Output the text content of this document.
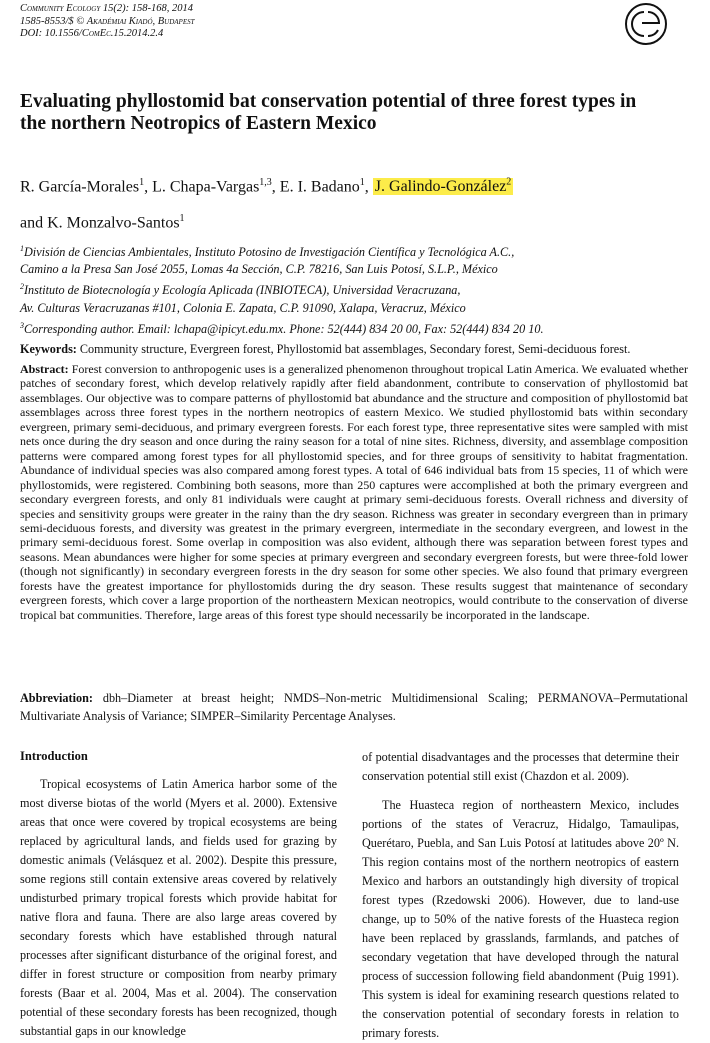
Community Ecology 15(2): 158-168, 2014
1585-8553/$ © Akadémiai Kiadó, Budapest
DOI: 10.1556/ComEc.15.2014.2.4
Evaluating phyllostomid bat conservation potential of three forest types in the northern Neotropics of Eastern Mexico
R. García-Morales$^1$, L. Chapa-Vargas$^{1,3}$, E. I. Badano$^1$, J. Galindo-González$^2$
and K. Monzalvo-Santos$^1$
$^1$División de Ciencias Ambientales, Instituto Potosino de Investigación Científica y Tecnológica A.C.,
Camino a la Presa San José 2055, Lomas 4a Sección, C.P. 78216, San Luis Potosí, S.L.P., México
$^2$Instituto de Biotecnología y Ecología Aplicada (INBIOTECA), Universidad Veracruzana,
Av. Culturas Veracruzanas #101, Colonia E. Zapata, C.P. 91090, Xalapa, Veracruz, México
$^3$Corresponding author. Email: lchapa@ipicyt.edu.mx. Phone: 52(444) 834 20 00, Fax: 52(444) 834 20 10.
Keywords: Community structure, Evergreen forest, Phyllostomid bat assemblages, Secondary forest, Semi-deciduous forest.
Abstract: Forest conversion to anthropogenic uses is a generalized phenomenon throughout tropical Latin America. We evaluated whether patches of secondary forest, which develop relatively rapidly after field abandonment, contribute to conservation of phyllostomid bat assemblages. Our objective was to compare patterns of phyllostomid bat abundance and the structure and composition of phyllostomid bat assemblages across three forest types in the northern neotropics of eastern Mexico. We studied phyllostomid bats within secondary evergreen, primary semi-deciduous, and primary evergreen forests. For each forest type, three representative sites were sampled with mist nets once during the dry season and once during the rainy season for a total of nine sites. Richness, diversity, and assemblage composition patterns were compared among forest types for all phyllostomid species, and for three groups of sensitivity to habitat fragmentation. Abundance of individual species was also compared among forest types. A total of 646 individual bats from 15 species, 11 of which were phyllostomids, were registered. Combining both seasons, more than 250 captures were accomplished at both the primary evergreen and secondary evergreen forests, and only 81 individuals were caught at primary semi-deciduous forests. Overall richness and diversity of species and sensitivity groups were greater in the rainy than the dry season. Richness was greater in secondary evergreen than in primary semi-deciduous forests, and diversity was greatest in the primary evergreen, intermediate in the secondary evergreen, and lowest in the primary semi-deciduous forest. Some overlap in composition was also evident, although there was separation between forest types and seasons. Mean abundances were higher for some species at primary evergreen and secondary evergreen forests, but were three-fold lower (though not significantly) in secondary evergreen forests in the dry season for some other species. We also found that primary evergreen forests have the greatest importance for phyllostomids during the dry season. These results suggest that maintenance of secondary evergreen forests, which cover a large proportion of the northeastern Mexican neotropics, would contribute to the conservation of diverse tropical bat communities. Therefore, large areas of this forest type should necessarily be incorporated in the landscape.
Abbreviation: dbh–Diameter at breast height; NMDS–Non-metric Multidimensional Scaling; PERMANOVA–Permutational Multivariate Analysis of Variance; SIMPER–Similarity Percentage Analyses.
Introduction

Tropical ecosystems of Latin America harbor some of the most diverse biotas of the world (Myers et al. 2000). Extensive areas that once were covered by tropical ecosystems are being replaced by agricultural lands, and fields used for grazing by domestic animals (Velásquez et al. 2002). Despite this pressure, some regions still contain extensive areas covered by relatively undisturbed primary tropical forests which provide habitat for native flora and fauna. There are also large areas covered by secondary forests which have established through natural processes after significant disturbance of the original forest, and differ in forest structure or composition from nearby primary forests (Baar et al. 2004, Mas et al. 2004). The conservation potential of these secondary forests has been recognized, though substantial gaps in our knowledge

of potential disadvantages and the processes that determine their conservation potential still exist (Chazdon et al. 2009).

The Huasteca region of northeastern Mexico, includes portions of the states of Veracruz, Hidalgo, Tamaulipas, Querétaro, Puebla, and San Luis Potosí at latitudes above 20º N. This region contains most of the northern neotropics of eastern Mexico and harbors an outstandingly high diversity of tropical forest types (Rzedowski 2006). However, due to land-use change, up to 50% of the native forests of the Huasteca region have been replaced by grasslands, farmlands, and patches of secondary vegetation that have developed through the natural process of succession following field abandonment (Puig 1991). This system is ideal for examining research questions related to the conservation potential of secondary forests in relation to primary forests.
